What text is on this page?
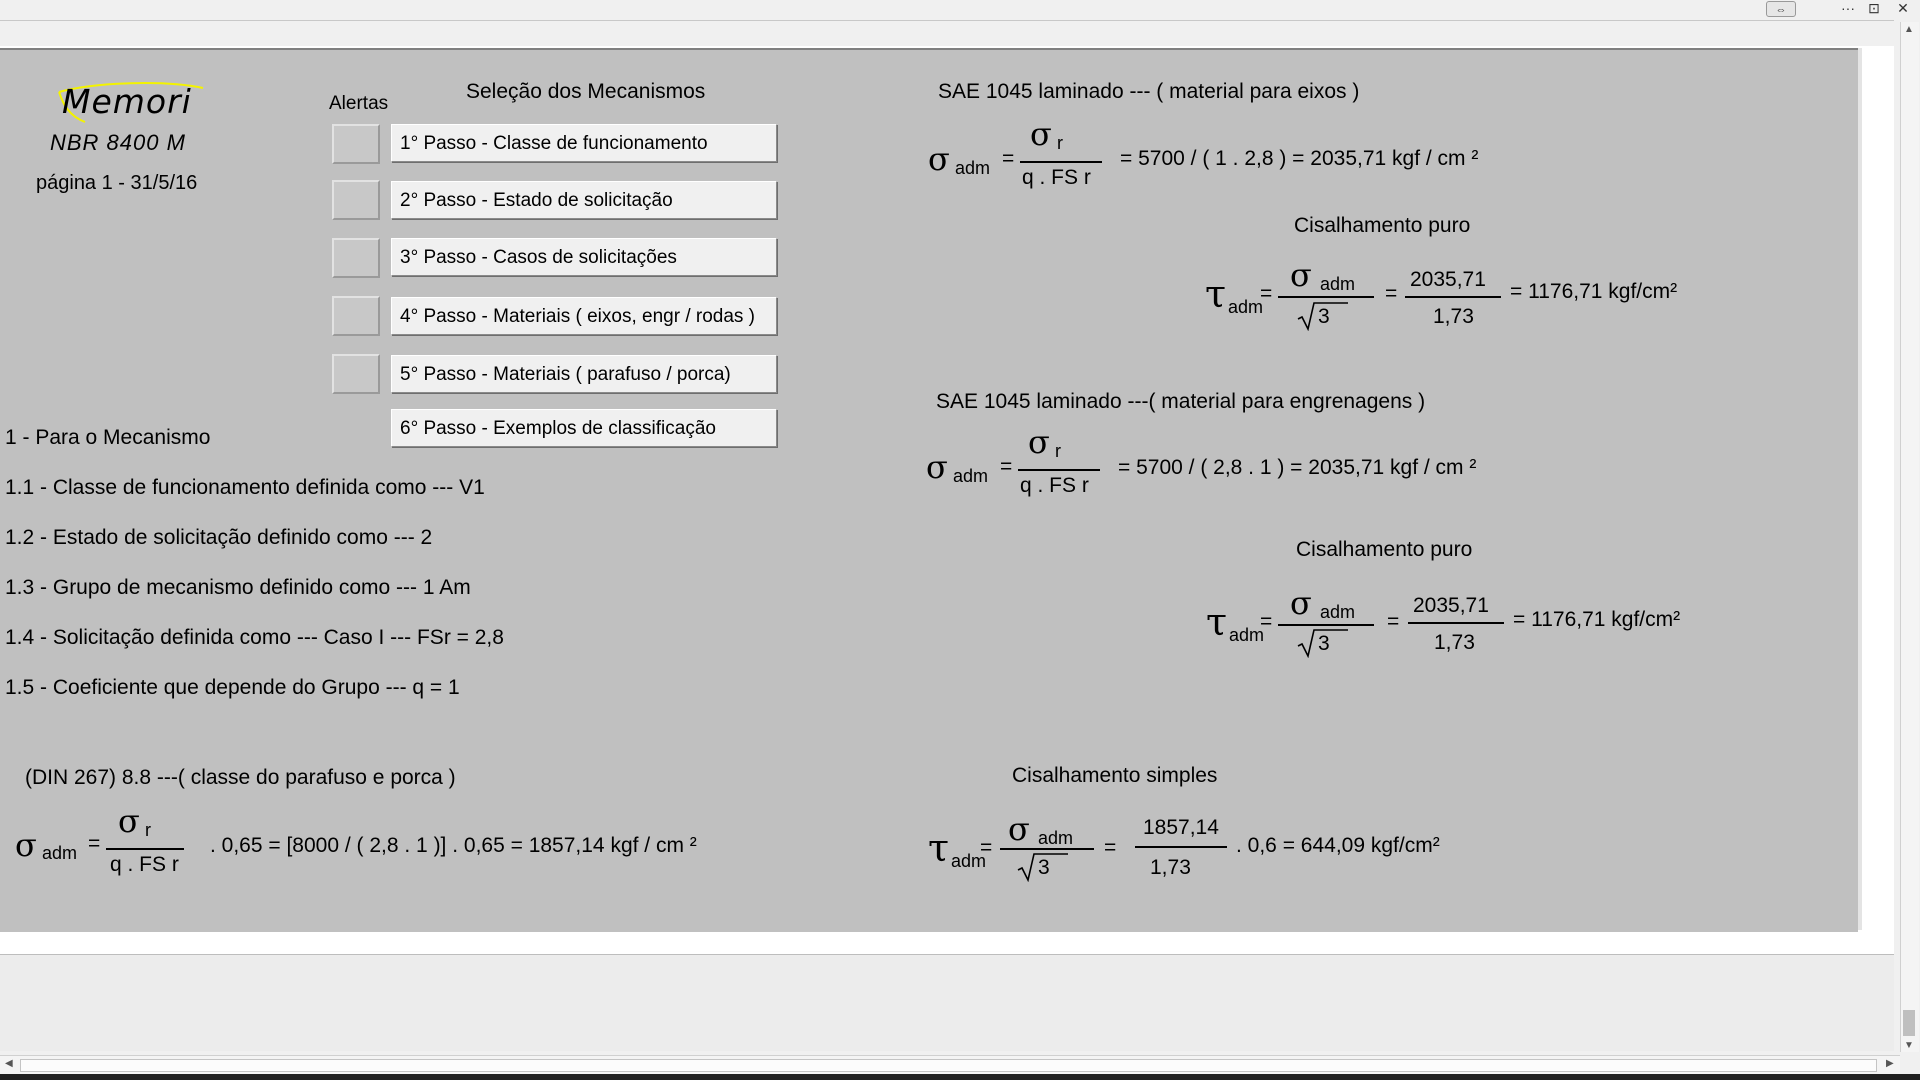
⇔	··· ⊡	✕
▲
▼
◀	▶
Memori
NBR 8400 M
página 1 - 31/5/16
Alertas
Seleção dos Mecanismos
1° Passo - Classe de funcionamento
2° Passo - Estado de solicitação
3° Passo - Casos de solicitações
4° Passo - Materiais ( eixos, engr / rodas )
5° Passo - Materiais ( parafuso / porca)
6° Passo - Exemplos de classificação
1 - Para o Mecanismo
1.1 - Classe de funcionamento definida como --- V1
1.2 - Estado de solicitação definido como --- 2
1.3 - Grupo de mecanismo definido como --- 1 Am
1.4 - Solicitação definida como --- Caso I --- FSr = 2,8
1.5 - Coeficiente que depende do Grupo --- q = 1
SAE 1045 laminado --- ( material para eixos )
σ adm =
σ r
q . FS r
= 5700 / ( 1 . 2,8 ) = 2035,71 kgf / cm ²
Cisalhamento puro
τ adm
= σ adm
3
=
2035,71
1,73
= 1176,71 kgf/cm²
SAE 1045 laminado ---( material para engrenagens )
σ adm =
σ r
q . FS r
= 5700 / ( 2,8 . 1 ) = 2035,71 kgf / cm ²
Cisalhamento puro
τ adm
= σ adm
3
=
2035,71
1,73
= 1176,71 kgf/cm²
(DIN 267) 8.8 ---( classe do parafuso e porca )
σ adm =
σ r
q . FS r
. 0,65 = [8000 / ( 2,8 . 1 )] . 0,65 = 1857,14 kgf / cm ²
Cisalhamento simples
τ adm
= σ adm
3
=
1857,14
1,73
. 0,6 = 644,09 kgf/cm²
